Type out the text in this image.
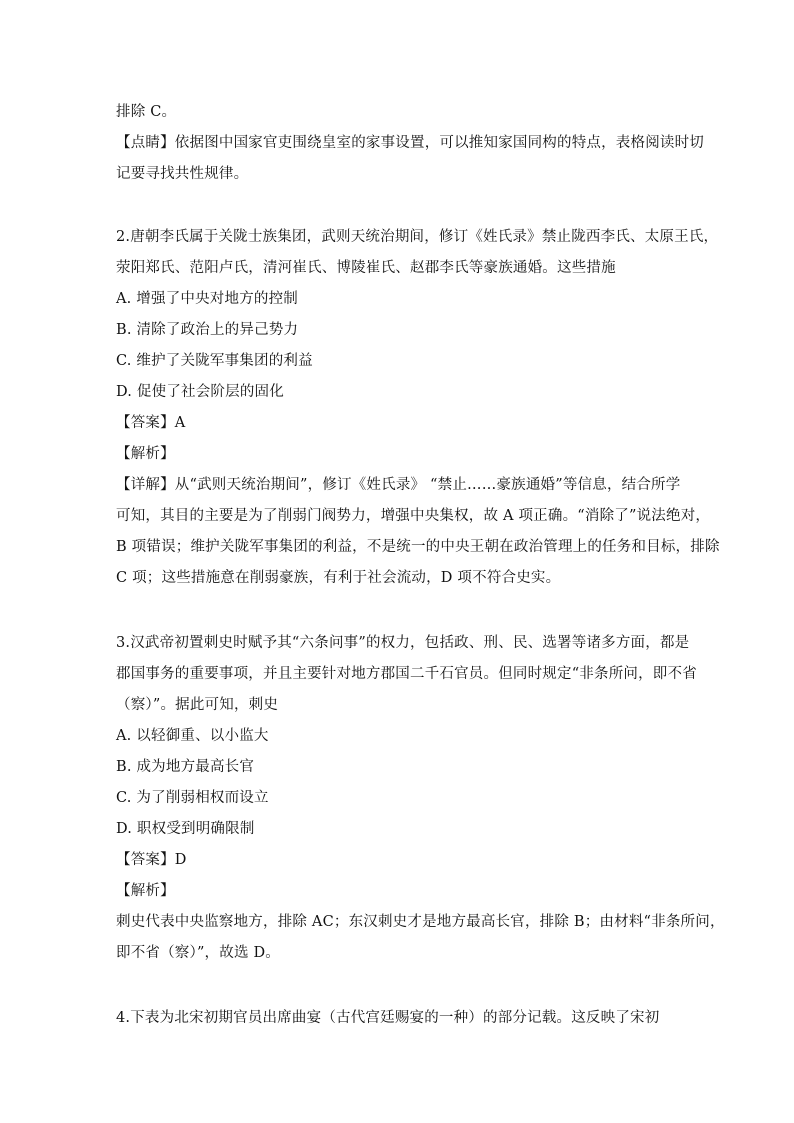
排除 C。
【点睛】依据图中国家官吏围绕皇室的家事设置，可以推知家国同构的特点，表格阅读时切
记要寻找共性规律。
2.唐朝李氏属于关陇士族集团，武则天统治期间，修订《姓氏录》禁止陇西李氏、太原王氏，
荥阳郑氏、范阳卢氏，清河崔氏、博陵崔氏、赵郡李氏等豪族通婚。这些措施
A. 增强了中央对地方的控制
B. 清除了政治上的异己势力
C. 维护了关陇军事集团的利益
D. 促使了社会阶层的固化
【答案】A
【解析】
【详解】从“武则天统治期间”，修订《姓氏录》 “禁止……豪族通婚”等信息，结合所学
可知，其目的主要是为了削弱门阀势力，增强中央集权，故 A 项正确。“消除了”说法绝对，
B 项错误；维护关陇军事集团的利益，不是统一的中央王朝在政治管理上的任务和目标，排除
C 项；这些措施意在削弱豪族，有利于社会流动，D 项不符合史实。
3.汉武帝初置刺史时赋予其“六条问事”的权力，包括政、刑、民、选署等诸多方面，都是
郡国事务的重要事项，并且主要针对地方郡国二千石官员。但同时规定“非条所问，即不省
（察）”。据此可知，刺史
A. 以轻御重、以小监大
B. 成为地方最高长官
C. 为了削弱相权而设立
D. 职权受到明确限制
【答案】D
【解析】
刺史代表中央监察地方，排除 AC；东汉刺史才是地方最高长官，排除 B；由材料“非条所问，
即不省（察）”，故选 D。
4.下表为北宋初期官员出席曲宴（古代宫廷赐宴的一种）的部分记载。这反映了宋初
